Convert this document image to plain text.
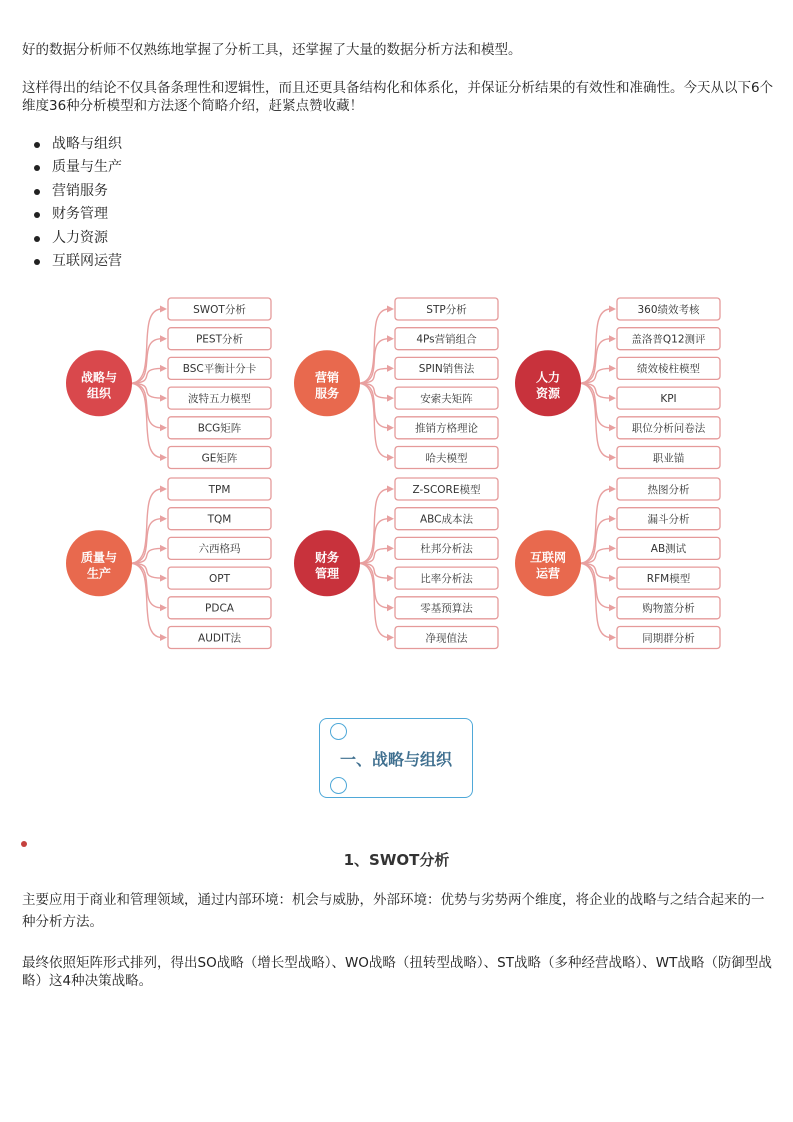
好的数据分析师不仅熟练地掌握了分析工具，还掌握了大量的数据分析方法和模型。

这样得出的结论不仅具备条理性和逻辑性，而且还更具备结构化和体系化，并保证分析结果的有效性和准确性。今天从以下6个维度36种分析模型和方法逐个简略介绍，赶紧点赞收藏！

战略与组织
质量与生产
营销服务
财务管理
人力资源
互联网运营
SWOT分析
PEST分析
BSC平衡计分卡
波特五力模型
BCG矩阵
GE矩阵
战略与
组织
STP分析
4Ps营销组合
SPIN销售法
安索夫矩阵
推销方格理论
哈夫模型
营销
服务
360绩效考核
盖洛普Q12测评
绩效棱柱模型
KPI
职位分析问卷法
职业锚
人力
资源
TPM
TQM
六西格玛
OPT
PDCA
AUDIT法
质量与
生产
Z-SCORE模型
ABC成本法
杜邦分析法
比率分析法
零基预算法
净现值法
财务
管理
热图分析
漏斗分析
AB测试
RFM模型
购物篮分析
同期群分析
互联网
运营
一、战略与组织
1、SWOT分析

主要应用于商业和管理领域，通过内部环境：机会与威胁，外部环境：优势与劣势两个维度，将企业的战略与之结合起来的一种分析方法。

最终依照矩阵形式排列，得出SO战略（增长型战略）、WO战略（扭转型战略）、ST战略（多种经营战略）、WT战略（防御型战略）这4种决策战略。
